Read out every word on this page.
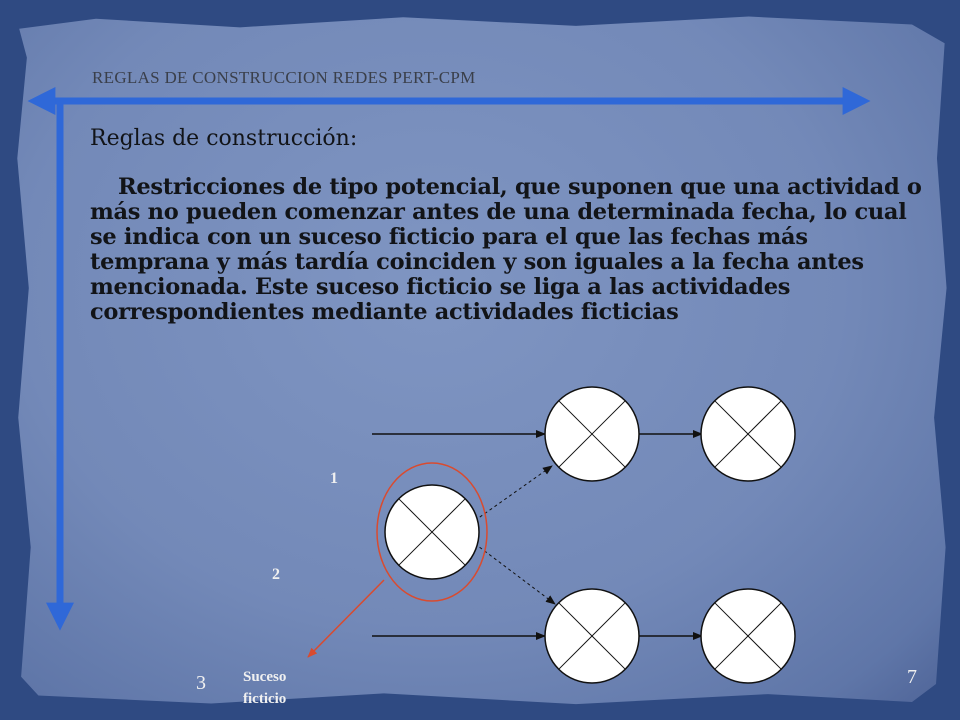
REGLAS DE CONSTRUCCION REDES PERT-CPM
Reglas de construcción:
Restricciones de tipo potencial, que suponen que una actividad o más no pueden comenzar antes de una determinada fecha, lo cual se indica con un suceso ficticio para el que las fechas más temprana y más tardía coinciden y son iguales a la fecha antes mencionada. Este suceso ficticio se liga a las actividades correspondientes mediante actividades ficticias
1
2
3 Suceso
ficticio
7
